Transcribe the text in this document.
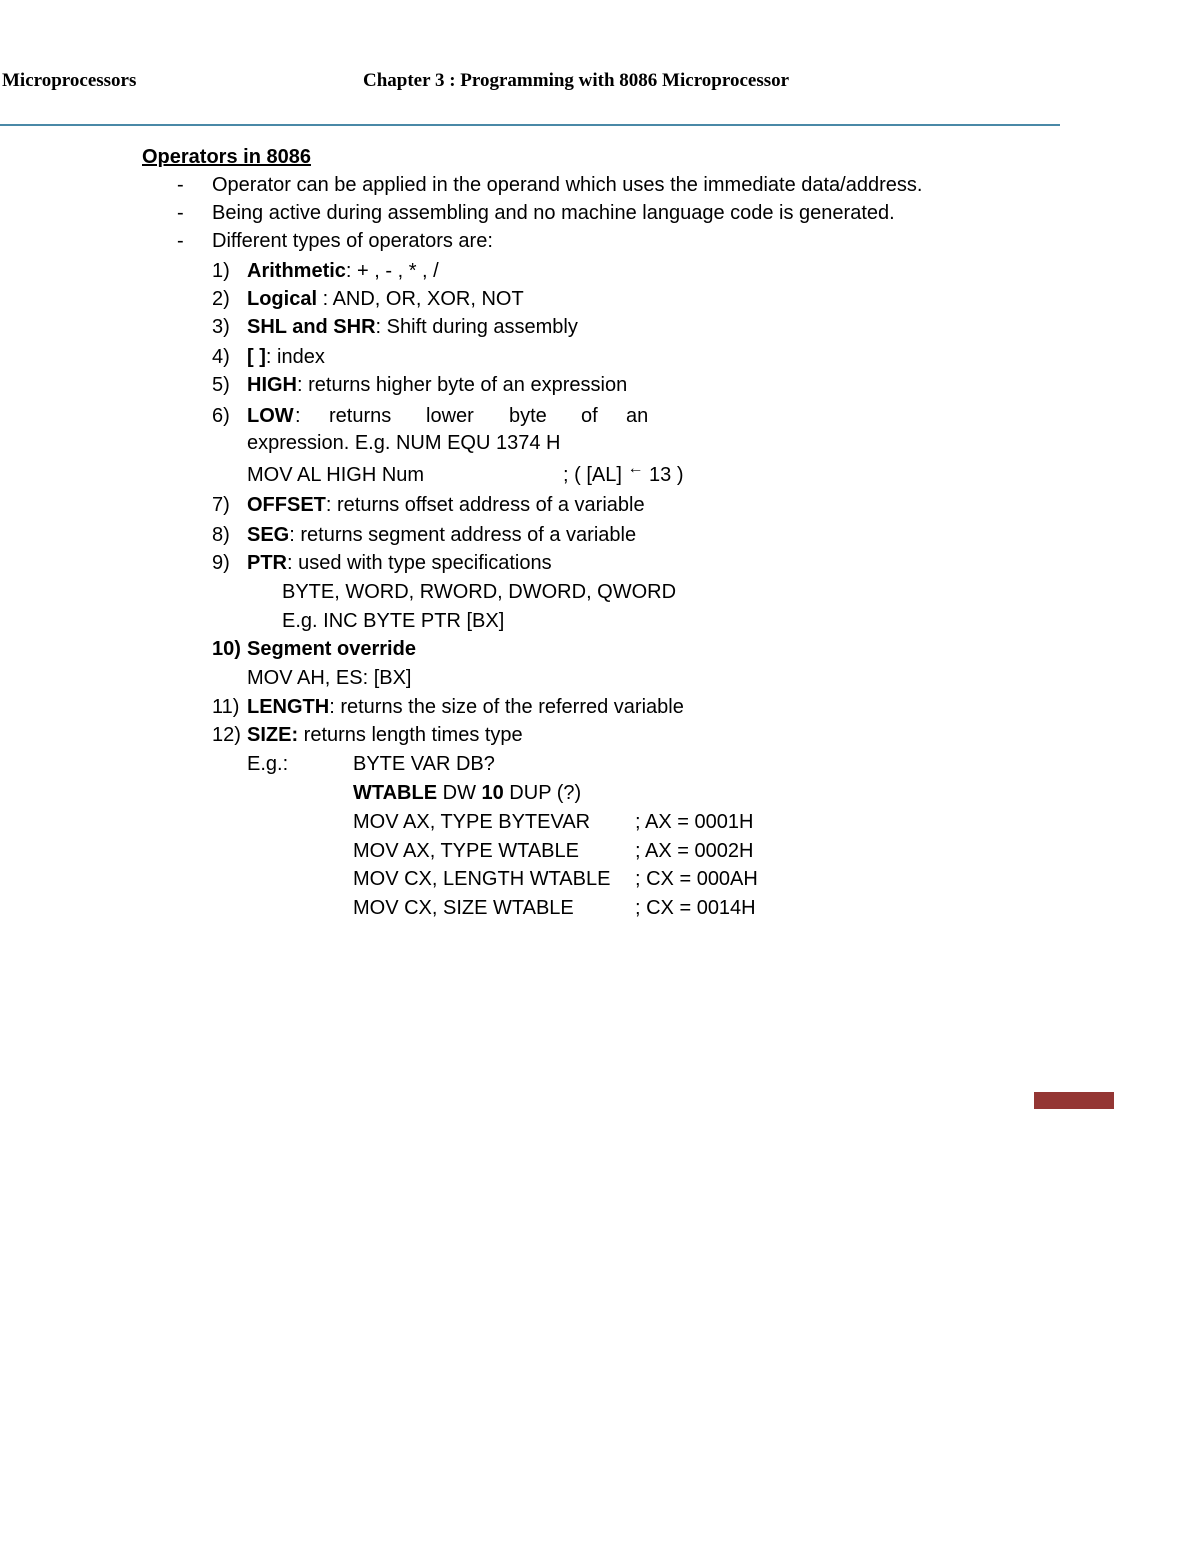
Microprocessors	Chapter 3 : Programming with 8086 Microprocessor
Operators in 8086
- Operator can be applied in the operand which uses the immediate data/address.
- Being active during assembling and no machine language code is generated.
- Different types of operators are:
1) Arithmetic: + , - , * , /
2) Logical : AND, OR, XOR, NOT
3) SHL and SHR: Shift during assembly
4) [ ]: index
5) HIGH: returns higher byte of an expression
6) LOW : returns lower byte of an
expression. E.g. NUM EQU 1374 H
MOV AL HIGH Num	; ( [AL] ← 13 )
7) OFFSET: returns offset address of a variable
8) SEG: returns segment address of a variable
9) PTR: used with type specifications
BYTE, WORD, RWORD, DWORD, QWORD
E.g. INC BYTE PTR [BX]
10) Segment override
MOV AH, ES: [BX]
11) LENGTH: returns the size of the referred variable
12) SIZE: returns length times type
E.g.:	BYTE VAR DB?
WTABLE DW 10 DUP (?)
MOV AX, TYPE BYTEVAR ; AX = 0001H
MOV AX, TYPE WTABLE	; AX = 0002H
MOV CX, LENGTH WTABLE ; CX = 000AH
MOV CX, SIZE WTABLE	; CX = 0014H
